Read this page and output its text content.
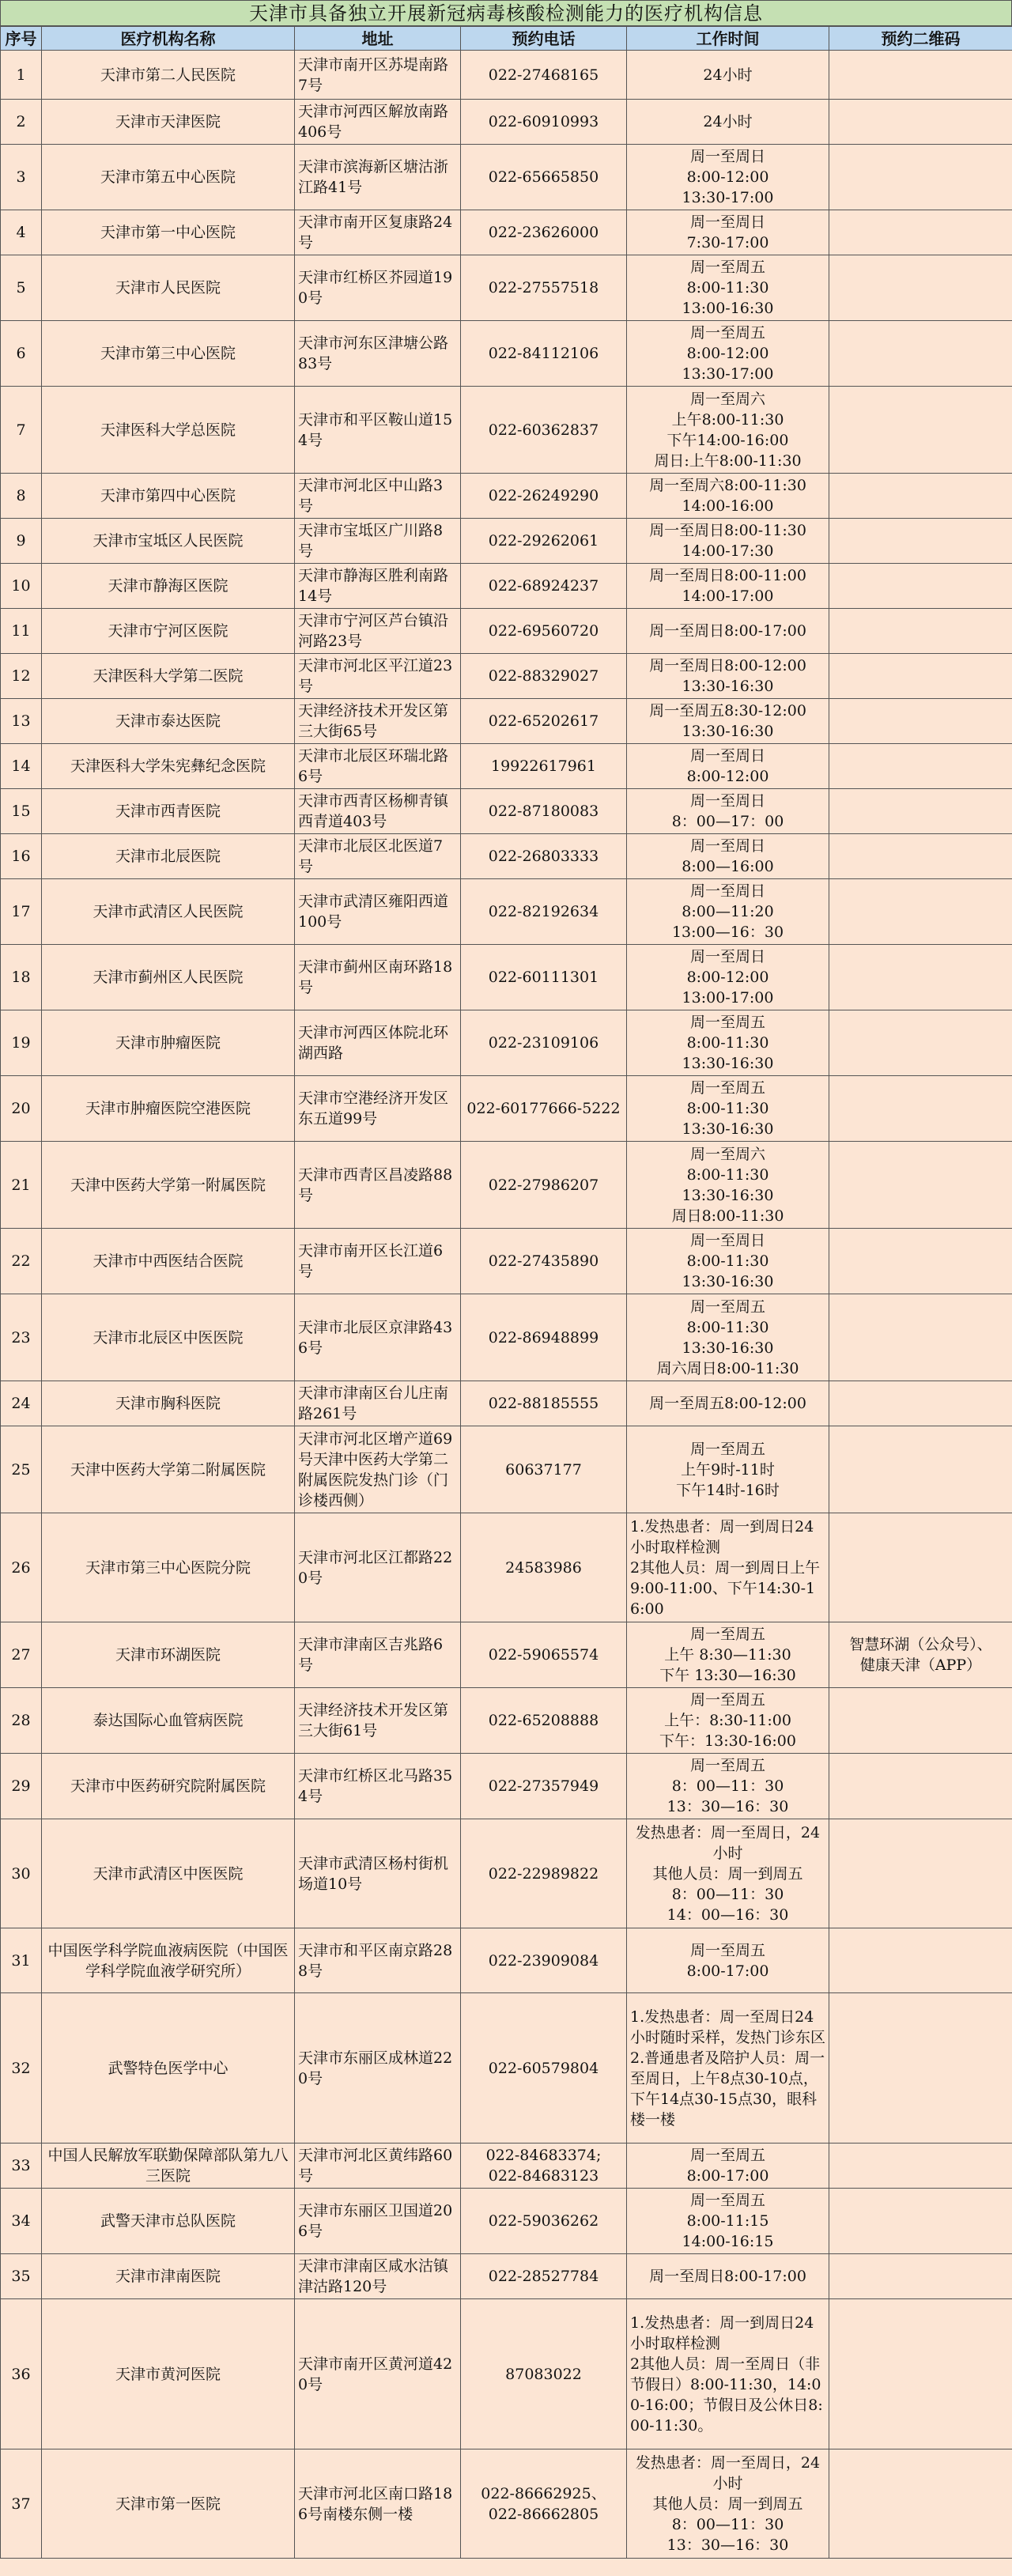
天津市具备独立开展新冠病毒核酸检测能力的医疗机构信息
序号	医疗机构名称	地址	预约电话	工作时间	预约二维码
1	天津市第二人民医院	天津市南开区苏堤南路7号	022-27468165	24小时	
2	天津市天津医院	天津市河西区解放南路406号	022-60910993	24小时	
3	天津市第五中心医院	天津市滨海新区塘沽浙江路41号	022-65665850	周一至周日
8:00-12:00
13:30-17:00	
4	天津市第一中心医院	天津市南开区复康路24号	022-23626000	周一至周日
7:30-17:00	
5	天津市人民医院	天津市红桥区芥园道190号	022-27557518	周一至周五
8:00-11:30
13:00-16:30	
6	天津市第三中心医院	天津市河东区津塘公路83号	022-84112106	周一至周五
8:00-12:00
13:30-17:00	
7	天津医科大学总医院	天津市和平区鞍山道154号	022-60362837	周一至周六
上午8:00-11:30
下午14:00-16:00
周日:上午8:00-11:30	
8	天津市第四中心医院	天津市河北区中山路3号	022-26249290	周一至周六8:00-11:30
14:00-16:00	
9	天津市宝坻区人民医院	天津市宝坻区广川路8号	022-29262061	周一至周日8:00-11:30
14:00-17:30	
10	天津市静海区医院	天津市静海区胜利南路14号	022-68924237	周一至周日8:00-11:00
14:00-17:00	
11	天津市宁河区医院	天津市宁河区芦台镇沿河路23号	022-69560720	周一至周日8:00-17:00	
12	天津医科大学第二医院	天津市河北区平江道23号	022-88329027	周一至周日8:00-12:00
13:30-16:30	
13	天津市泰达医院	天津经济技术开发区第三大街65号	022-65202617	周一至周五8:30-12:00
13:30-16:30	
14	天津医科大学朱宪彝纪念医院	天津市北辰区环瑞北路6号	19922617961	周一至周日
8:00-12:00	
15	天津市西青医院	天津市西青区杨柳青镇西青道403号	022-87180083	周一至周日
8：00—17：00	
16	天津市北辰医院	天津市北辰区北医道7号	022-26803333	周一至周日
8:00—16:00	
17	天津市武清区人民医院	天津市武清区雍阳西道100号	022-82192634	周一至周日
8:00—11:20
13:00—16：30	
18	天津市蓟州区人民医院	天津市蓟州区南环路18号	022-60111301	周一至周日
8:00-12:00
13:00-17:00	
19	天津市肿瘤医院	天津市河西区体院北环湖西路	022-23109106	周一至周五
8:00-11:30
13:30-16:30	
20	天津市肿瘤医院空港医院	天津市空港经济开发区东五道99号	022-60177666-5222	周一至周五
8:00-11:30
13:30-16:30	
21	天津中医药大学第一附属医院	天津市西青区昌凌路88号	022-27986207	周一至周六
8:00-11:30
13:30-16:30
周日8:00-11:30	
22	天津市中西医结合医院	天津市南开区长江道6号	022-27435890	周一至周日
8:00-11:30
13:30-16:30	
23	天津市北辰区中医医院	天津市北辰区京津路436号	022-86948899	周一至周五
8:00-11:30
13:30-16:30
周六周日8:00-11:30	
24	天津市胸科医院	天津市津南区台儿庄南路261号	022-88185555	周一至周五8:00-12:00	
25	天津中医药大学第二附属医院	天津市河北区增产道69号天津中医药大学第二附属医院发热门诊（门诊楼西侧）	60637177	周一至周五
上午9时-11时
下午14时-16时	
26	天津市第三中心医院分院	天津市河北区江都路220号	24583986	1.发热患者：周一到周日24小时取样检测
2其他人员：周一到周日上午9:00-11:00、下午14:30-16:00	
27	天津市环湖医院	天津市津南区吉兆路6号	022-59065574	周一至周五
上午 8:30—11:30
下午 13:30—16:30	智慧环湖（公众号）、
健康天津（APP）
28	泰达国际心血管病医院	天津经济技术开发区第三大街61号	022-65208888	周一至周五
上午：8:30-11:00
下午：13:30-16:00	
29	天津市中医药研究院附属医院	天津市红桥区北马路354号	022-27357949	周一至周五
8：00—11：30
13：30—16：30	
30	天津市武清区中医医院	天津市武清区杨村街机场道10号	022-22989822	发热患者：周一至周日，24小时
其他人员：周一到周五
8：00—11：30
14：00—16：30	
31	中国医学科学院血液病医院（中国医学科学院血液学研究所）	天津市和平区南京路288号	022-23909084	周一至周五
8:00-17:00	
32	武警特色医学中心	天津市东丽区成林道220号	022-60579804	1.发热患者：周一至周日24小时随时采样，发热门诊东区
2.普通患者及陪护人员：周一至周日，上午8点30-10点，下午14点30-15点30，眼科楼一楼	
33	中国人民解放军联勤保障部队第九八三医院	天津市河北区黄纬路60号	022-84683374;
022-84683123	周一至周五
8:00-17:00	
34	武警天津市总队医院	天津市东丽区卫国道206号	022-59036262	周一至周五
8:00-11:15
14:00-16:15	
35	天津市津南医院	天津市津南区咸水沽镇津沽路120号	022-28527784	周一至周日8:00-17:00	
36	天津市黄河医院	天津市南开区黄河道420号	87083022	1.发热患者：周一到周日24小时取样检测
2其他人员：周一至周日（非节假日）8:00-11:30，14:00-16:00；节假日及公休日8:00-11:30。	
37	天津市第一医院	天津市河北区南口路186号南楼东侧一楼	022-86662925、
022-86662805	发热患者：周一至周日，24小时
其他人员：周一到周五
8：00—11：30
13：30—16：30	
